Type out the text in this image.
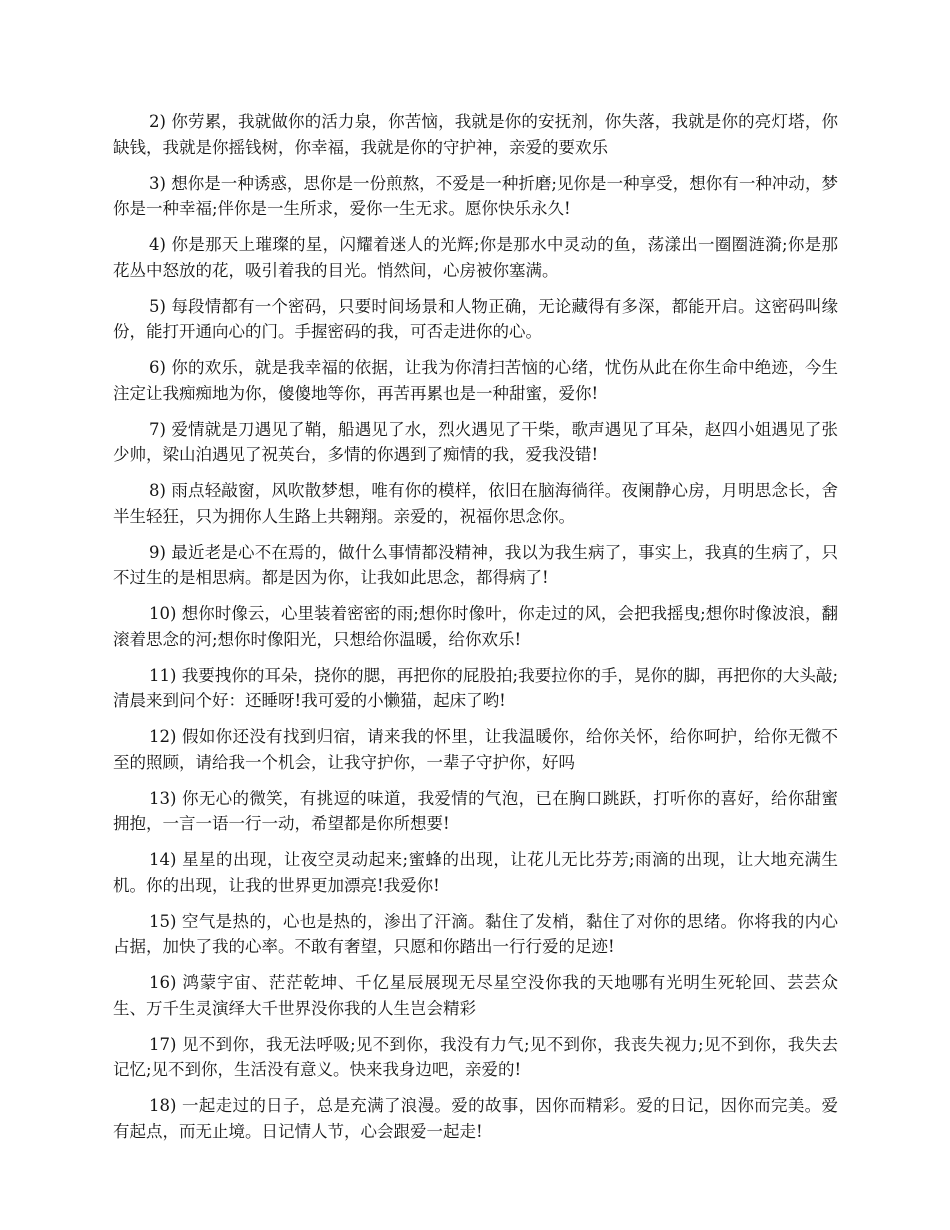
2) 你劳累，我就做你的活力泉，你苦恼，我就是你的安抚剂，你失落，我就是你的亮灯塔，你缺钱，我就是你摇钱树，你幸福，我就是你的守护神，亲爱的要欢乐

3) 想你是一种诱惑，思你是一份煎熬，不爱是一种折磨;见你是一种享受，想你有一种冲动，梦你是一种幸福;伴你是一生所求，爱你一生无求。愿你快乐永久!

4) 你是那天上璀璨的星，闪耀着迷人的光辉;你是那水中灵动的鱼，荡漾出一圈圈涟漪;你是那花丛中怒放的花，吸引着我的目光。悄然间，心房被你塞满。

5) 每段情都有一个密码，只要时间场景和人物正确，无论藏得有多深，都能开启。这密码叫缘份，能打开通向心的门。手握密码的我，可否走进你的心。

6) 你的欢乐，就是我幸福的依据，让我为你清扫苦恼的心绪，忧伤从此在你生命中绝迹，今生注定让我痴痴地为你，傻傻地等你，再苦再累也是一种甜蜜，爱你!

7) 爱情就是刀遇见了鞘，船遇见了水，烈火遇见了干柴，歌声遇见了耳朵，赵四小姐遇见了张少帅，梁山泊遇见了祝英台，多情的你遇到了痴情的我，爱我没错!

8) 雨点轻敲窗，风吹散梦想，唯有你的模样，依旧在脑海徜徉。夜阑静心房，月明思念长，舍半生轻狂，只为拥你人生路上共翱翔。亲爱的，祝福你思念你。

9) 最近老是心不在焉的，做什么事情都没精神，我以为我生病了，事实上，我真的生病了，只不过生的是相思病。都是因为你，让我如此思念，都得病了!

10) 想你时像云，心里装着密密的雨;想你时像叶，你走过的风，会把我摇曳;想你时像波浪，翻滚着思念的河;想你时像阳光，只想给你温暖，给你欢乐!

11) 我要拽你的耳朵，挠你的腮，再把你的屁股拍;我要拉你的手，晃你的脚，再把你的大头敲;清晨来到问个好：还睡呀!我可爱的小懒猫，起床了哟!

12) 假如你还没有找到归宿，请来我的怀里，让我温暖你，给你关怀，给你呵护，给你无微不至的照顾，请给我一个机会，让我守护你，一辈子守护你，好吗

13) 你无心的微笑，有挑逗的味道，我爱情的气泡，已在胸口跳跃，打听你的喜好，给你甜蜜拥抱，一言一语一行一动，希望都是你所想要!

14) 星星的出现，让夜空灵动起来;蜜蜂的出现，让花儿无比芬芳;雨滴的出现，让大地充满生机。你的出现，让我的世界更加漂亮!我爱你!

15) 空气是热的，心也是热的，渗出了汗滴。黏住了发梢，黏住了对你的思绪。你将我的内心占据，加快了我的心率。不敢有奢望，只愿和你踏出一行行爱的足迹!

16) 鸿蒙宇宙、茫茫乾坤、千亿星辰展现无尽星空没你我的天地哪有光明生死轮回、芸芸众生、万千生灵演绎大千世界没你我的人生岂会精彩

17) 见不到你，我无法呼吸;见不到你，我没有力气;见不到你，我丧失视力;见不到你，我失去记忆;见不到你，生活没有意义。快来我身边吧，亲爱的!

18) 一起走过的日子，总是充满了浪漫。爱的故事，因你而精彩。爱的日记，因你而完美。爱有起点，而无止境。日记情人节，心会跟爱一起走!
